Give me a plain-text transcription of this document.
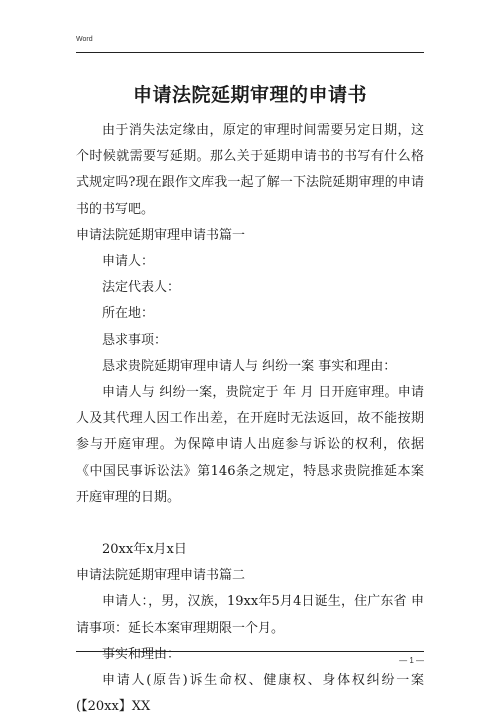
Word
申请法院延期审理的申请书

由于消失法定缘由，原定的审理时间需要另定日期，这个时候就需要写延期。那么关于延期申请书的书写有什么格式规定吗?现在跟作文库我一起了解一下法院延期审理的申请书的书写吧。

申请法院延期审理申请书篇一

申请人：

法定代表人：

所在地：

恳求事项：

恳求贵院延期审理申请人与 纠纷一案 事实和理由：

申请人与 纠纷一案，贵院定于 年 月 日开庭审理。申请人及其代理人因工作出差，在开庭时无法返回，故不能按期参与开庭审理。为保障申请人出庭参与诉讼的权利，依据《中国民事诉讼法》第146条之规定，特恳求贵院推延本案开庭审理的日期。

20xx年x月x日

申请法院延期审理申请书篇二

申请人：，男，汉族，19xx年5月4日诞生，住广东省 申请事项：延长本案审理期限一个月。

事实和理由：

申请人(原告)诉生命权、健康权、身体权纠纷一案(【20xx】XX

— 1 —
